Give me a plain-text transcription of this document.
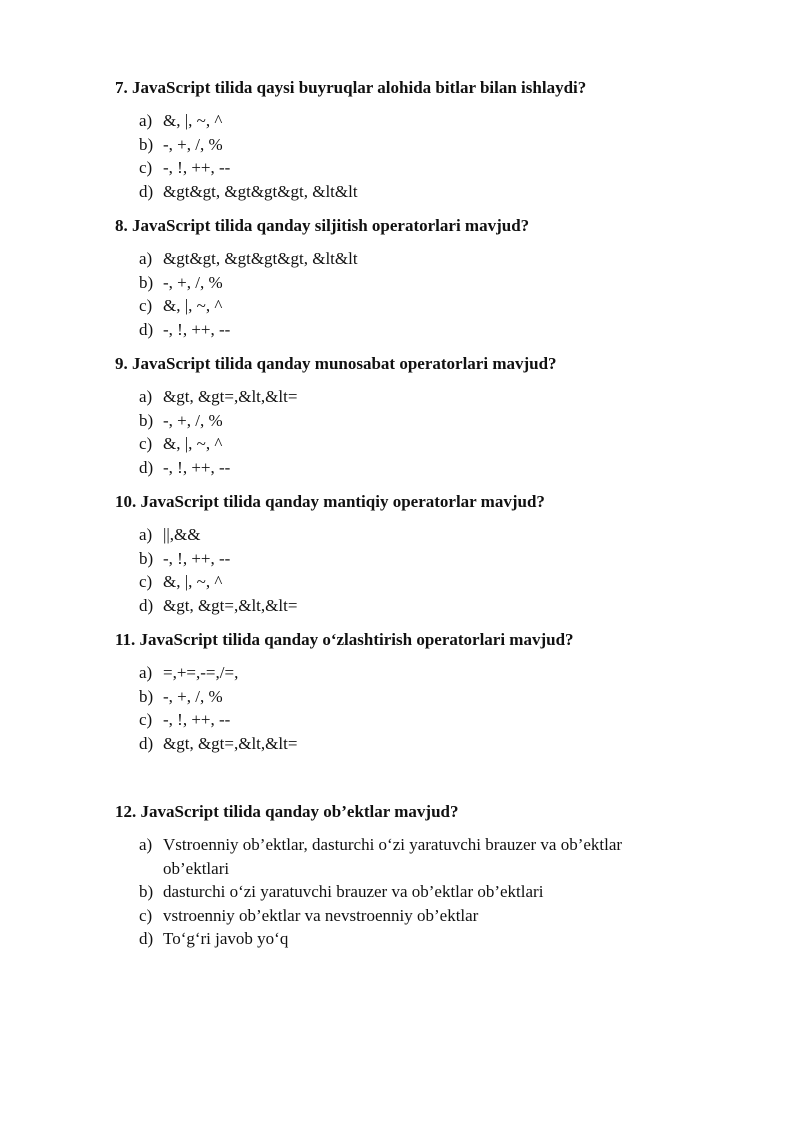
7. JavaScript tilida qaysi buyruqlar alohida bitlar bilan ishlaydi?
a) &, |, ~, ^
b) -, +, /, %
c) -, !, ++, --
d) &gt&gt, &gt&gt&gt, &lt&lt
8. JavaScript tilida qanday siljitish operatorlari mavjud?
a) &gt&gt, &gt&gt&gt, &lt&lt
b) -, +, /, %
c) &, |, ~, ^
d) -, !, ++, --
9. JavaScript tilida qanday munosabat operatorlari mavjud?
a) &gt, &gt=,&lt,&lt=
b) -, +, /, %
c) &, |, ~, ^
d) -, !, ++, --
10. JavaScript tilida qanday mantiqiy operatorlar mavjud?
a) ||,&&
b) -, !, ++, --
c) &, |, ~, ^
d) &gt, &gt=,&lt,&lt=
11. JavaScript tilida qanday o‘zlashtirish operatorlari mavjud?
a) =,+=,-=,/=,
b) -, +, /, %
c) -, !, ++, --
d) &gt, &gt=,&lt,&lt=
12. JavaScript tilida qanday ob’ektlar mavjud?
a) Vstroenniy ob’ektlar, dasturchi o‘zi yaratuvchi brauzer va ob’ektlar ob’ektlari
b) dasturchi o‘zi yaratuvchi brauzer va ob’ektlar ob’ektlari
c) vstroenniy ob’ektlar va nevstroenniy ob’ektlar
d) To‘g‘ri javob yo‘q
